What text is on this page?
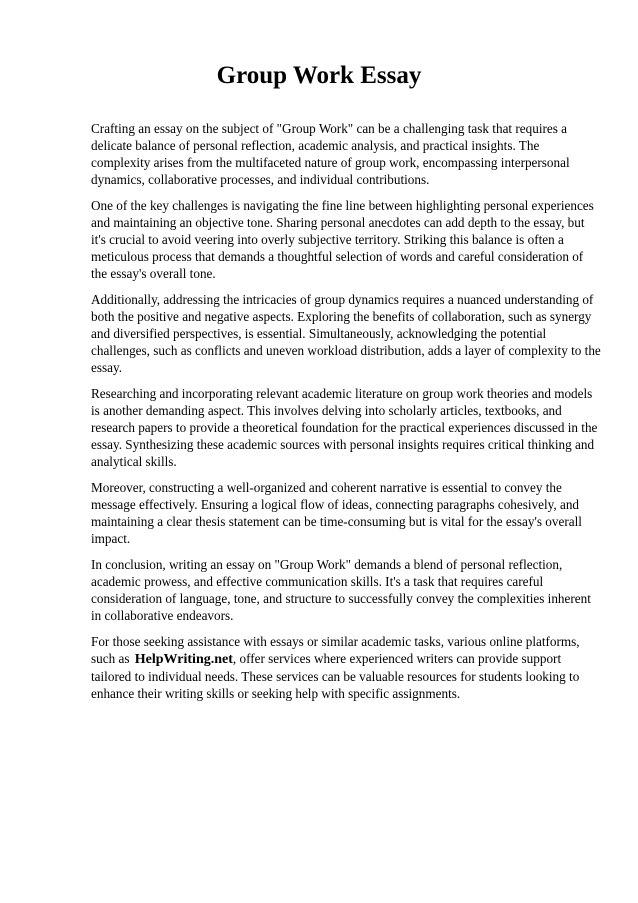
Group Work Essay

Crafting an essay on the subject of "Group Work" can be a challenging task that requires a delicate balance of personal reflection, academic analysis, and practical insights. The complexity arises from the multifaceted nature of group work, encompassing interpersonal dynamics, collaborative processes, and individual contributions.

One of the key challenges is navigating the fine line between highlighting personal experiences and maintaining an objective tone. Sharing personal anecdotes can add depth to the essay, but it's crucial to avoid veering into overly subjective territory. Striking this balance is often a meticulous process that demands a thoughtful selection of words and careful consideration of the essay's overall tone.

Additionally, addressing the intricacies of group dynamics requires a nuanced understanding of both the positive and negative aspects. Exploring the benefits of collaboration, such as synergy and diversified perspectives, is essential. Simultaneously, acknowledging the potential challenges, such as conflicts and uneven workload distribution, adds a layer of complexity to the essay.

Researching and incorporating relevant academic literature on group work theories and models is another demanding aspect. This involves delving into scholarly articles, textbooks, and research papers to provide a theoretical foundation for the practical experiences discussed in the essay. Synthesizing these academic sources with personal insights requires critical thinking and analytical skills.

Moreover, constructing a well-organized and coherent narrative is essential to convey the message effectively. Ensuring a logical flow of ideas, connecting paragraphs cohesively, and maintaining a clear thesis statement can be time-consuming but is vital for the essay's overall impact.

In conclusion, writing an essay on "Group Work" demands a blend of personal reflection, academic prowess, and effective communication skills. It's a task that requires careful consideration of language, tone, and structure to successfully convey the complexities inherent in collaborative endeavors.

For those seeking assistance with essays or similar academic tasks, various online platforms, such as HelpWriting.net, offer services where experienced writers can provide support tailored to individual needs. These services can be valuable resources for students looking to enhance their writing skills or seeking help with specific assignments.
